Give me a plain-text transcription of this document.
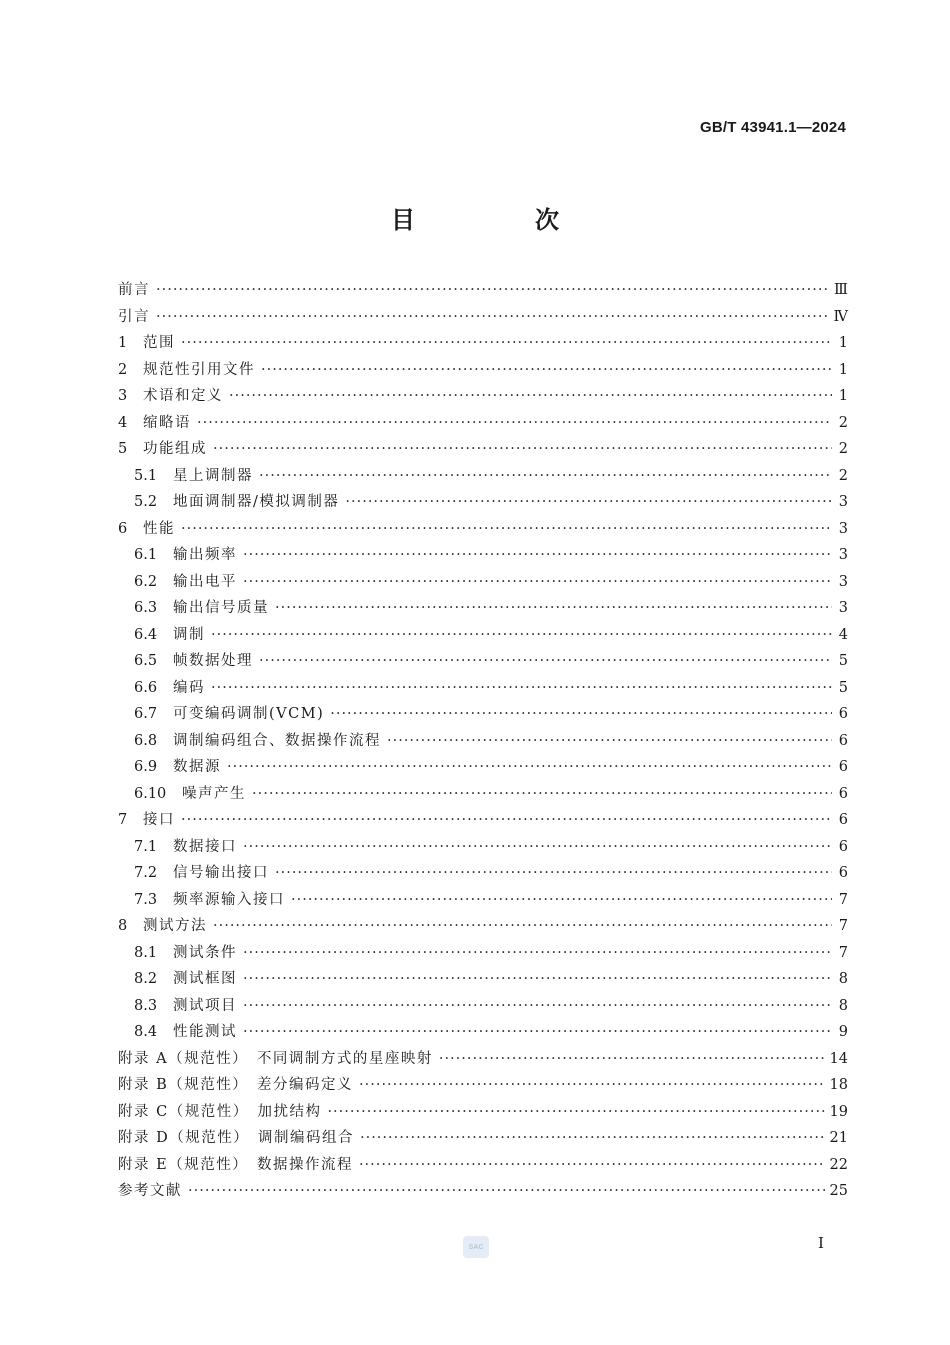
GB/T 43941.1—2024
目　次
前言 ·····	Ⅲ
引言 ·····	Ⅳ
1	范围 ·····	1
2	规范性引用文件 ·····	1
3	术语和定义 ·····	1
4	缩略语 ·····	2
5	功能组成 ·····	2
5.1	星上调制器 ·····	2
5.2	地面调制器/模拟调制器 ·····	3
6	性能 ·····	3
6.1	输出频率 ·····	3
6.2	输出电平 ·····	3
6.3	输出信号质量 ·····	3
6.4	调制 ·····	4
6.5	帧数据处理 ·····	5
6.6	编码 ·····	5
6.7	可变编码调制(VCM) ·····	6
6.8	调制编码组合、数据操作流程 ·····	6
6.9	数据源 ·····	6
6.10	噪声产生 ·····	6
7	接口 ·····	6
7.1	数据接口 ·····	6
7.2	信号输出接口 ·····	6
7.3	频率源输入接口 ·····	7
8	测试方法 ·····	7
8.1	测试条件 ·····	7
8.2	测试框图 ·····	8
8.3	测试项目 ·····	8
8.4	性能测试 ·····	9
附录 A（规范性）　不同调制方式的星座映射 ·····	14
附录 B（规范性）　差分编码定义 ·····	18
附录 C（规范性）　加扰结构 ·····	19
附录 D（规范性）　调制编码组合 ·····	21
附录 E（规范性）　数据操作流程 ·····	22
参考文献 ·····	25
SAC	Ⅰ
